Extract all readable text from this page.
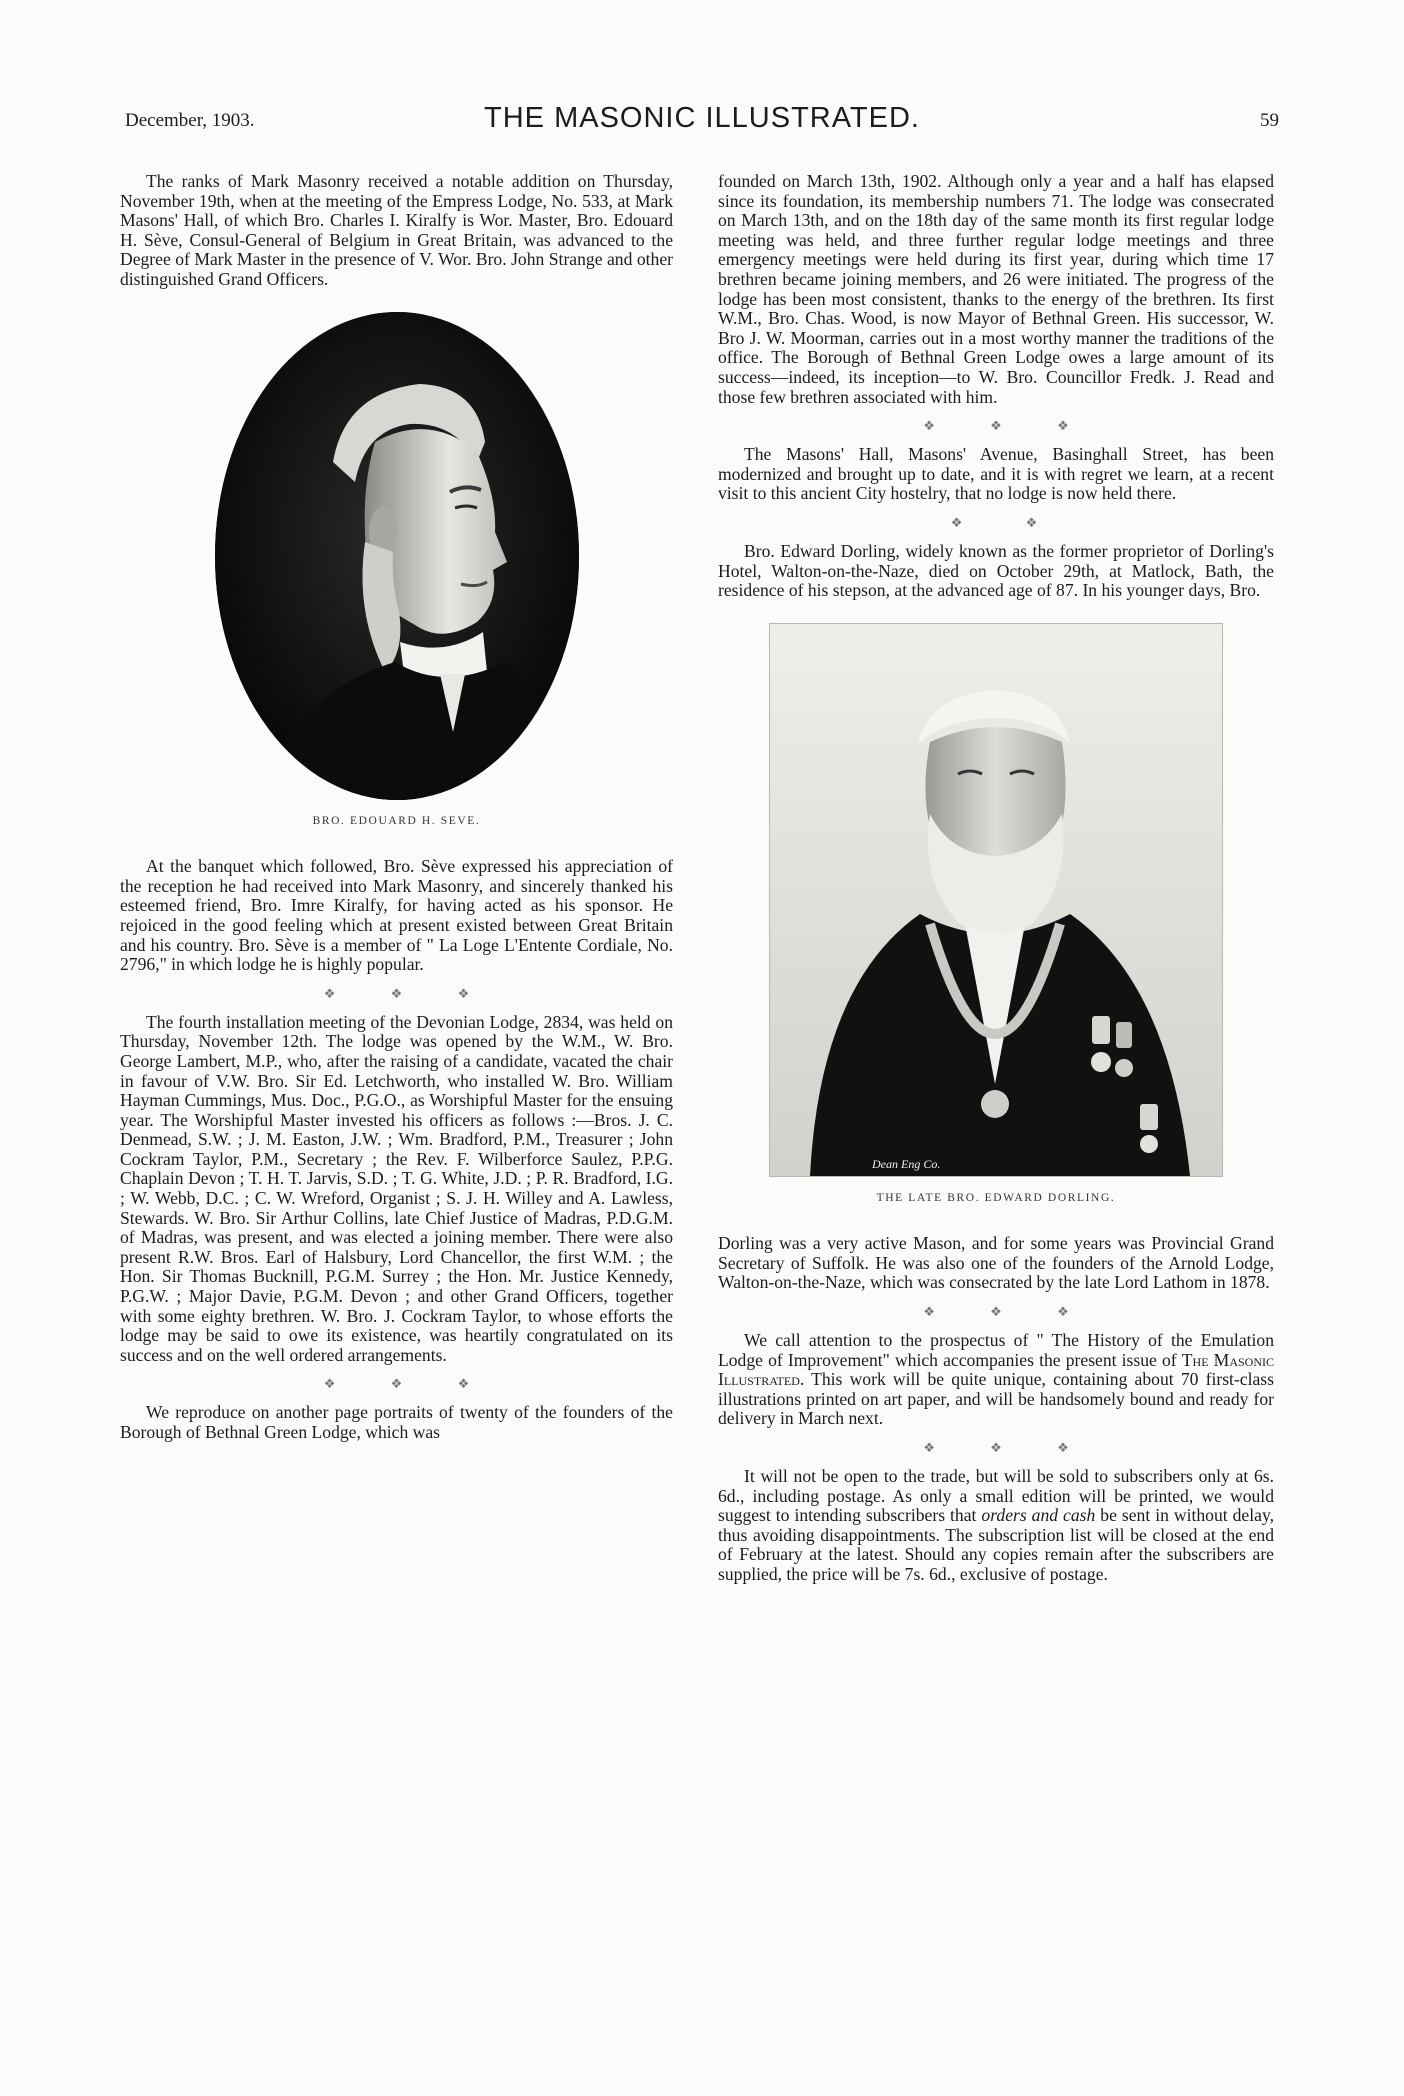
December, 1903.	THE MASONIC ILLUSTRATED.	59

The ranks of Mark Masonry received a notable addition on Thursday, November 19th, when at the meeting of the Empress Lodge, No. 533, at Mark Masons' Hall, of which Bro. Charles I. Kiralfy is Wor. Master, Bro. Edouard H. Sève, Consul-General of Belgium in Great Britain, was advanced to the Degree of Mark Master in the presence of V. Wor. Bro. John Strange and other distinguished Grand Officers.

BRO. EDOUARD H. SEVE.

At the banquet which followed, Bro. Sève expressed his appreciation of the reception he had received into Mark Masonry, and sincerely thanked his esteemed friend, Bro. Imre Kiralfy, for having acted as his sponsor. He rejoiced in the good feeling which at present existed between Great Britain and his country. Bro. Sève is a member of " La Loge L'Entente Cordiale, No. 2796," in which lodge he is highly popular.

❖ ❖ ❖

The fourth installation meeting of the Devonian Lodge, 2834, was held on Thursday, November 12th. The lodge was opened by the W.M., W. Bro. George Lambert, M.P., who, after the raising of a candidate, vacated the chair in favour of V.W. Bro. Sir Ed. Letchworth, who installed W. Bro. William Hayman Cummings, Mus. Doc., P.G.O., as Worshipful Master for the ensuing year. The Worshipful Master invested his officers as follows :—Bros. J. C. Denmead, S.W. ; J. M. Easton, J.W. ; Wm. Bradford, P.M., Treasurer ; John Cockram Taylor, P.M., Secretary ; the Rev. F. Wilberforce Saulez, P.P.G. Chaplain Devon ; T. H. T. Jarvis, S.D. ; T. G. White, J.D. ; P. R. Bradford, I.G. ; W. Webb, D.C. ; C. W. Wreford, Organist ; S. J. H. Willey and A. Lawless, Stewards. W. Bro. Sir Arthur Collins, late Chief Justice of Madras, P.D.G.M. of Madras, was present, and was elected a joining member. There were also present R.W. Bros. Earl of Halsbury, Lord Chancellor, the first W.M. ; the Hon. Sir Thomas Bucknill, P.G.M. Surrey ; the Hon. Mr. Justice Kennedy, P.G.W. ; Major Davie, P.G.M. Devon ; and other Grand Officers, together with some eighty brethren. W. Bro. J. Cockram Taylor, to whose efforts the lodge may be said to owe its existence, was heartily congratulated on its success and on the well ordered arrangements.

❖ ❖ ❖

We reproduce on another page portraits of twenty of the founders of the Borough of Bethnal Green Lodge, which was

founded on March 13th, 1902. Although only a year and a half has elapsed since its foundation, its membership numbers 71. The lodge was consecrated on March 13th, and on the 18th day of the same month its first regular lodge meeting was held, and three further regular lodge meetings and three emergency meetings were held during its first year, during which time 17 brethren became joining members, and 26 were initiated. The progress of the lodge has been most consistent, thanks to the energy of the brethren. Its first W.M., Bro. Chas. Wood, is now Mayor of Bethnal Green. His successor, W. Bro J. W. Moorman, carries out in a most worthy manner the traditions of the office. The Borough of Bethnal Green Lodge owes a large amount of its success—indeed, its inception—to W. Bro. Councillor Fredk. J. Read and those few brethren associated with him.

❖ ❖ ❖

The Masons' Hall, Masons' Avenue, Basinghall Street, has been modernized and brought up to date, and it is with regret we learn, at a recent visit to this ancient City hostelry, that no lodge is now held there.

❖ ❖

Bro. Edward Dorling, widely known as the former proprietor of Dorling's Hotel, Walton-on-the-Naze, died on October 29th, at Matlock, Bath, the residence of his stepson, at the advanced age of 87. In his younger days, Bro.

Dean Eng Co.
THE LATE BRO. EDWARD DORLING.

Dorling was a very active Mason, and for some years was Provincial Grand Secretary of Suffolk. He was also one of the founders of the Arnold Lodge, Walton-on-the-Naze, which was consecrated by the late Lord Lathom in 1878.

❖ ❖ ❖

We call attention to the prospectus of " The History of the Emulation Lodge of Improvement" which accompanies the present issue of The Masonic Illustrated. This work will be quite unique, containing about 70 first-class illustrations printed on art paper, and will be handsomely bound and ready for delivery in March next.

❖ ❖ ❖

It will not be open to the trade, but will be sold to subscribers only at 6s. 6d., including postage. As only a small edition will be printed, we would suggest to intending subscribers that orders and cash be sent in without delay, thus avoiding disappointments. The subscription list will be closed at the end of February at the latest. Should any copies remain after the subscribers are supplied, the price will be 7s. 6d., exclusive of postage.
